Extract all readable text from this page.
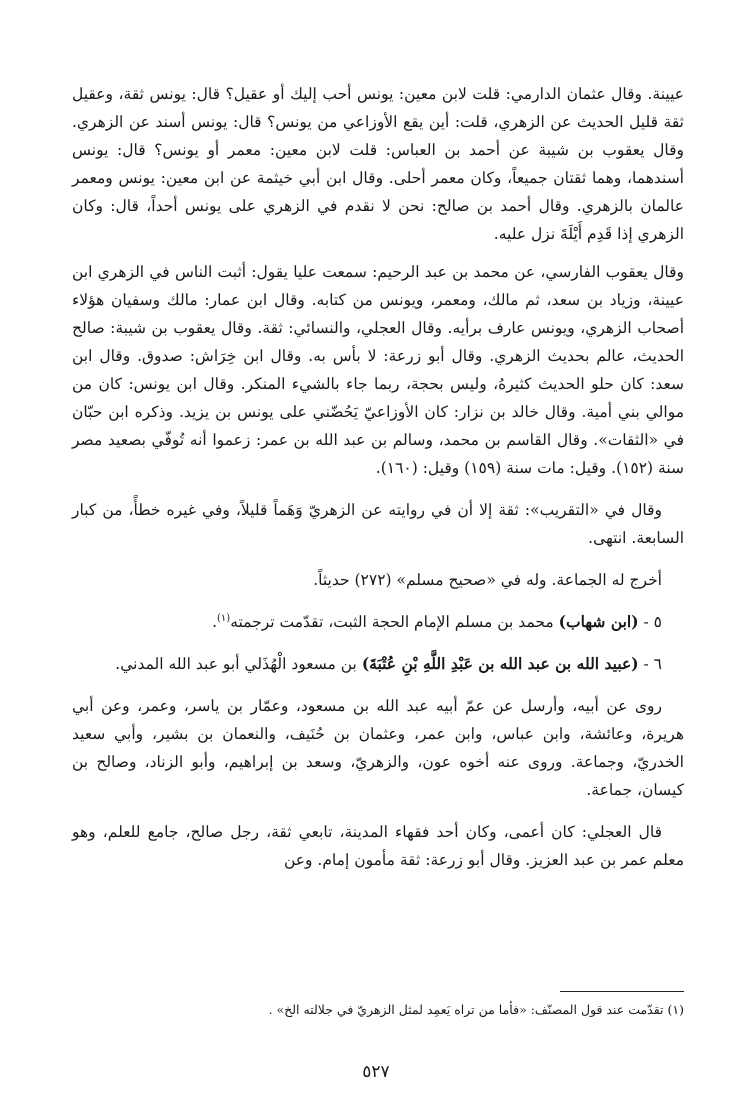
عيينة. وقال عثمان الدارمي: قلت لابن معين: يونس أحب إليك أو عقيل؟ قال: يونس ثقة، وعقيل ثقة قليل الحديث عن الزهري، قلت: أين يقع الأوزاعي من يونس؟ قال: يونس أسند عن الزهري. وقال يعقوب بن شيبة عن أحمد بن العباس: قلت لابن معين: معمر أو يونس؟ قال: يونس أسندهما، وهما ثقتان جميعاً، وكان معمر أحلى. وقال ابن أبي خيثمة عن ابن معين: يونس ومعمر عالمان بالزهري. وقال أحمد بن صالح: نحن لا نقدم في الزهري على يونس أحداً، قال: وكان الزهري إذا قَدِم أَيْلَةَ نزل عليه.

وقال يعقوب الفارسي، عن محمد بن عبد الرحيم: سمعت عليا يقول: أثبت الناس في الزهري ابن عيينة، وزياد بن سعد، ثم مالك، ومعمر، ويونس من كتابه. وقال ابن عمار: مالك وسفيان هؤلاء أصحاب الزهري، ويونس عارف برأيه. وقال العجلي، والنسائي: ثقة. وقال يعقوب بن شيبة: صالح الحديث، عالم بحديث الزهري. وقال أبو زرعة: لا بأس به. وقال ابن خِرَاش: صدوق. وقال ابن سعد: كان حلو الحديث كثيرهُ، وليس بحجة، ربما جاء بالشيء المنكر. وقال ابن يونس: كان من موالي بني أمية. وقال خالد بن نزار: كان الأوزاعيّ يَحُضّني على يونس بن يزيد. وذكره ابن حبّان في «الثقات». وقال القاسم بن محمد، وسالم بن عبد الله بن عمر: زعموا أنه تُوفّي بصعيد مصر سنة (١٥٢). وقيل: مات سنة (١٥٩) وقيل: (١٦٠).

وقال في «التقريب»: ثقة إلا أن في روايته عن الزهريّ وَهَماً قليلاً، وفي غيره خطأً، من كبار السابعة. انتهى.

أخرج له الجماعة. وله في «صحيح مسلم» (٢٧٢) حديثاً.

٥ - (ابن شهاب) محمد بن مسلم الإمام الحجة الثبت، تقدّمت ترجمته$^{(١)}$.

٦ - (عبيد الله بن عبد الله بن عَبْدِ اللَّهِ بْنِ عُتْبَةَ) بن مسعود الْهُذَلي أبو عبد الله المدني.

روى عن أبيه، وأرسل عن عمّ أبيه عبد الله بن مسعود، وعمّار بن ياسر، وعمر، وعن أبي هريرة، وعائشة، وابن عباس، وابن عمر، وعثمان بن حُنَيف، والنعمان بن بشير، وأبي سعيد الخدريّ، وجماعة. وروى عنه أخوه عون، والزهريّ، وسعد بن إبراهيم، وأبو الزناد، وصالح بن كيسان، جماعة.

قال العجلي: كان أعمى، وكان أحد فقهاء المدينة، تابعي ثقة، رجل صالح، جامع للعلم، وهو معلم عمر بن عبد العزيز. وقال أبو زرعة: ثقة مأمون إمام. وعن

(١) تقدّمت عند قول المصنّف: «فأما من تراه يَعمِد لمثل الزهريّ في جلالته الخ» .
٥٢٧
